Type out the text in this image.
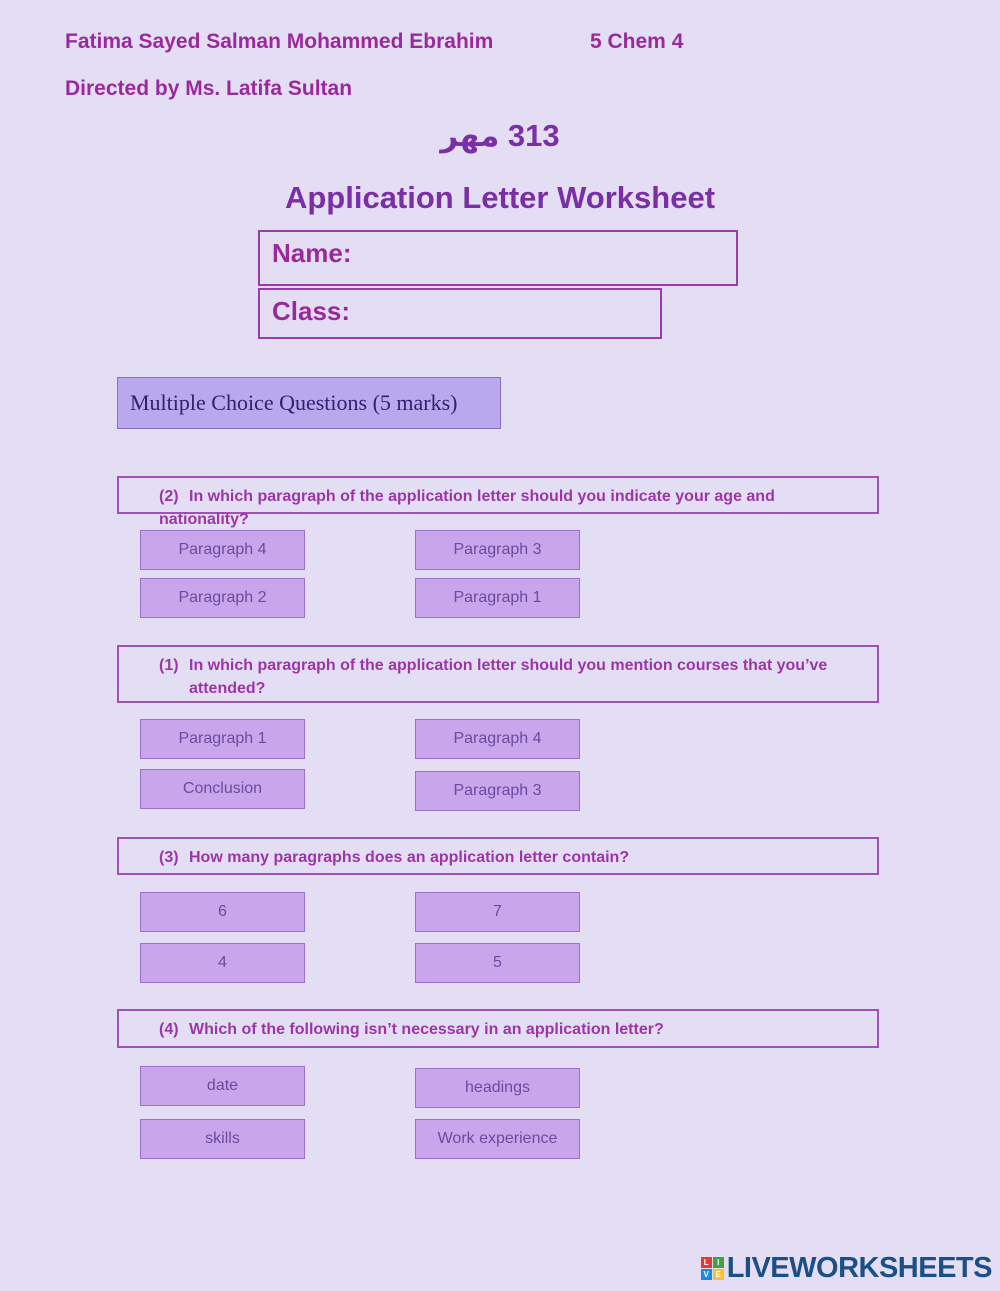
Fatima Sayed Salman Mohammed Ebrahim	5 Chem 4
Directed by Ms. Latifa Sultan
313 مهر
Application Letter Worksheet
Name:
Class:
Multiple Choice Questions (5 marks)
(2) In which paragraph of the application letter should you indicate your age and nationality?
Paragraph 4	Paragraph 3
Paragraph 2	Paragraph 1
(1) In which paragraph of the application letter should you mention courses that you’ve
attended?
Paragraph 1	Paragraph 4
Conclusion	Paragraph 3
(3) How many paragraphs does an application letter contain?
6	7
4	5
(4) Which of the following isn’t necessary in an application letter?
date	headings
skills	Work experience
L	I
V E LIVEWORKSHEETS
